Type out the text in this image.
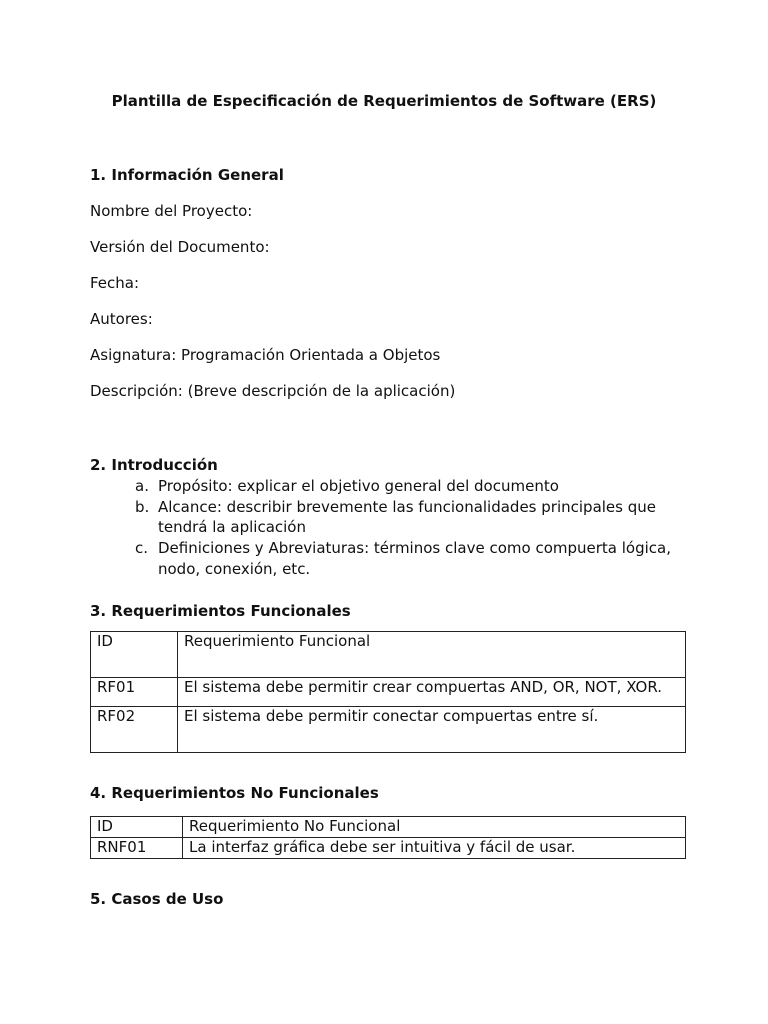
Plantilla de Especificación de Requerimientos de Software (ERS)
1. Información General
Nombre del Proyecto:
Versión del Documento:
Fecha:
Autores:
Asignatura: Programación Orientada a Objetos
Descripción: (Breve descripción de la aplicación)
2. Introducción
a. Propósito: explicar el objetivo general del documento
b. Alcance: describir brevemente las funcionalidades principales que
tendrá la aplicación
c. Definiciones y Abreviaturas: términos clave como compuerta lógica,
nodo, conexión, etc.
3. Requerimientos Funcionales
ID	Requerimiento Funcional
RF01	El sistema debe permitir crear compuertas AND, OR, NOT, XOR.
RF02	El sistema debe permitir conectar compuertas entre sí.
4. Requerimientos No Funcionales
ID	Requerimiento No Funcional
RNF01	La interfaz gráfica debe ser intuitiva y fácil de usar.
5. Casos de Uso
